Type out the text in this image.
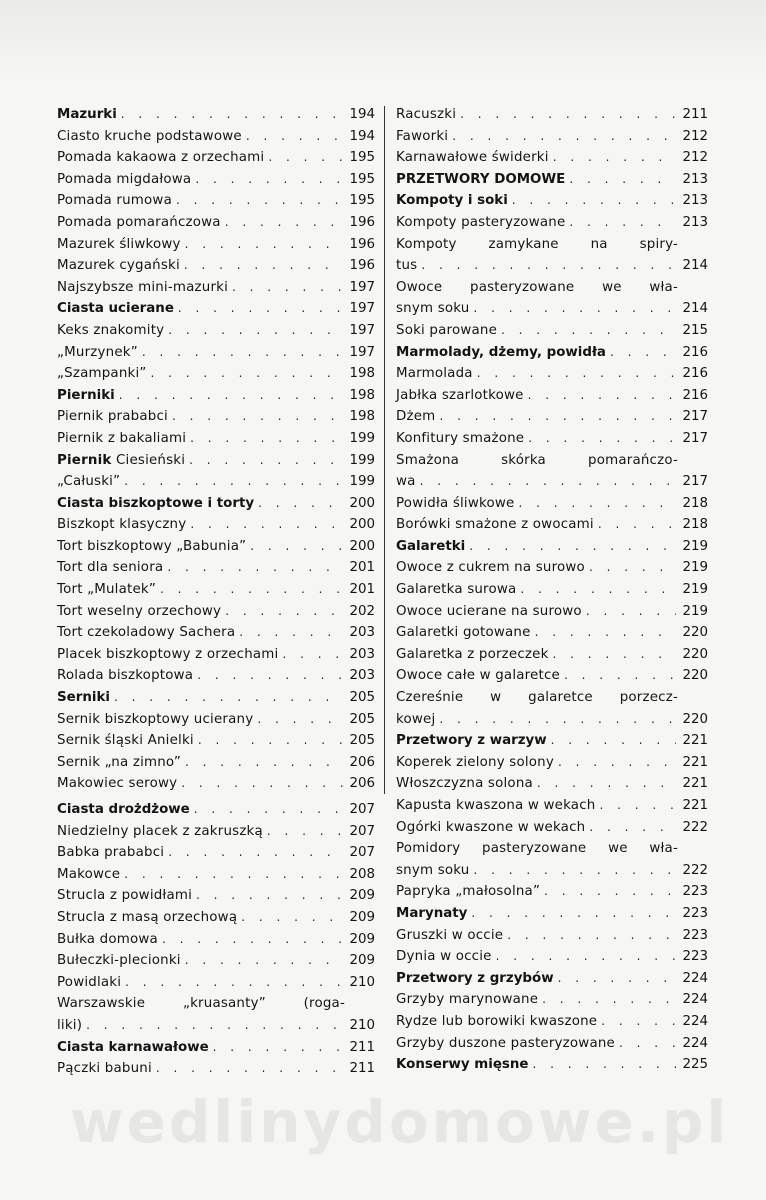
Mazurki . . .	194
Ciasto kruche podstawowe . . .	194
Pomada kakaowa z orzechami . . .	195
Pomada migdałowa . . .	195
Pomada rumowa . . .	195
Pomada pomarańczowa . . .	196
Mazurek śliwkowy . . .	196
Mazurek cygański . . .	196
Najszybsze mini-mazurki . . .	197
Ciasta ucierane . . .	197
Keks znakomity . . .	197
„Murzynek” . . .	197
„Szampanki” . . .	198
Pierniki . . .	198
Piernik prababci . . .	198
Piernik z bakaliami . . .	199
Piernik Ciesieński . . .	199
„Całuski” . . .	199
Ciasta biszkoptowe i torty . . .	200
Biszkopt klasyczny . . .	200
Tort biszkoptowy „Babunia” . . .	200
Tort dla seniora . . .	201
Tort „Mulatek” . . .	201
Tort weselny orzechowy . . .	202
Tort czekoladowy Sachera . . .	203
Placek biszkoptowy z orzechami . . .	203
Rolada biszkoptowa . . .	203
Serniki . . .	205
Sernik biszkoptowy ucierany . . .	205
Sernik śląski Anielki . . .	205
Sernik „na zimno” . . .	206
Makowiec serowy . . .	206
Ciasta drożdżowe . . .	207
Niedzielny placek z zakruszką . . .	207
Babka prababci . . .	207
Makowce . . .	208
Strucla z powidłami . . .	209
Strucla z masą orzechową . . .	209
Bułka domowa . . .	209
Bułeczki-plecionki . . .	209
Powidlaki . . .	210
Warszawskie „kruasanty” (roga-
liki) . . .	210
Ciasta karnawałowe . . .	211
Pączki babuni . . .	211
Racuszki . . .	211
Faworki . . .	212
Karnawałowe świderki . . .	212
PRZETWORY DOMOWE . . .	213
Kompoty i soki . . .	213
Kompoty pasteryzowane . . .	213
Kompoty zamykane na spiry-
tus . . .	214
Owoce pasteryzowane we wła-
snym soku . . .	214
Soki parowane . . .	215
Marmolady, dżemy, powidła . . .	216
Marmolada . . .	216
Jabłka szarlotkowe . . .	216
Dżem . . .	217
Konfitury smażone . . .	217
Smażona skórka pomarańczo-
wa . . .	217
Powidła śliwkowe . . .	218
Borówki smażone z owocami . . .	218
Galaretki . . .	219
Owoce z cukrem na surowo . . .	219
Galaretka surowa . . .	219
Owoce ucierane na surowo . . .	219
Galaretki gotowane . . .	220
Galaretka z porzeczek . . .	220
Owoce całe w galaretce . . .	220
Czereśnie w galaretce porzecz-
kowej . . .	220
Przetwory z warzyw . . .	221
Koperek zielony solony . . .	221
Włoszczyzna solona . . .	221
Kapusta kwaszona w wekach . . .	221
Ogórki kwaszone w wekach . . .	222
Pomidory pasteryzowane we wła-
snym soku . . .	222
Papryka „małosolna” . . .	223
Marynaty . . .	223
Gruszki w occie . . .	223
Dynia w occie . . .	223
Przetwory z grzybów . . .	224
Grzyby marynowane . . .	224
Rydze lub borowiki kwaszone . . .	224
Grzyby duszone pasteryzowane . . .	224
Konserwy mięsne . . .	225
wedlinydomowe.pl
